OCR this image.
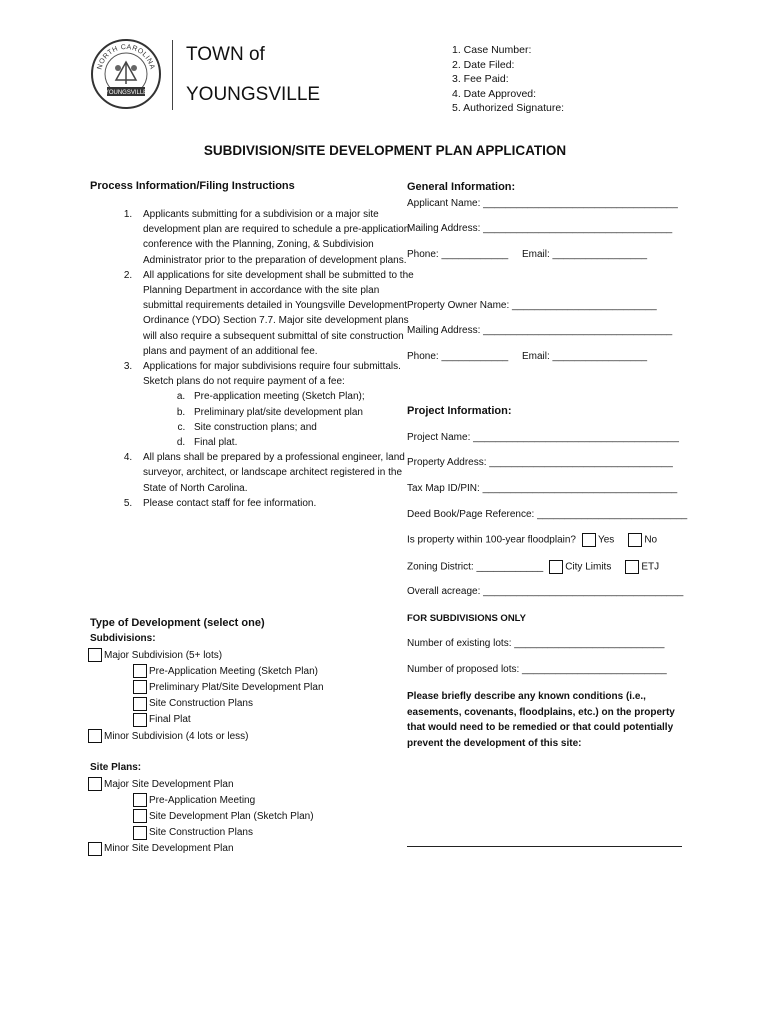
NORTH CAROLINA
YOUNGSVILLE
TOWN of
YOUNGSVILLE
1. Case Number:
2. Date Filed:
3. Fee Paid:
4. Date Approved:
5. Authorized Signature:
SUBDIVISION/SITE DEVELOPMENT PLAN APPLICATION
Process Information/Filing Instructions
1. Applicants submitting for a subdivision or a major site development plan are required to schedule a pre-application conference with the Planning, Zoning, & Subdivision Administrator prior to the preparation of development plans.
2. All applications for site development shall be submitted to the Planning Department in accordance with the site plan submittal requirements detailed in Youngsville Development Ordinance (YDO) Section 7.7. Major site development plans will also require a subsequent submittal of site construction plans and payment of an additional fee.
3. Applications for major subdivisions require four submittals. Sketch plans do not require payment of a fee:
a. Pre-application meeting (Sketch Plan);
b. Preliminary plat/site development plan
c. Site construction plans; and
d. Final plat.
4. All plans shall be prepared by a professional engineer, land surveyor, architect, or landscape architect registered in the State of North Carolina.
5. Please contact staff for fee information.
Type of Development (select one)
Subdivisions:
Major Subdivision (5+ lots)
Pre-Application Meeting (Sketch Plan)
Preliminary Plat/Site Development Plan
Site Construction Plans
Final Plat
Minor Subdivision (4 lots or less)
Site Plans:
Major Site Development Plan
Pre-Application Meeting
Site Development Plan (Sketch Plan)
Site Construction Plans
Minor Site Development Plan
General Information:
Applicant Name: ___________________________________
Mailing Address: __________________________________
Phone: ____________ Email: _________________
Property Owner Name: __________________________
Mailing Address: __________________________________
Phone: ____________ Email: _________________
Project Information:
Project Name: _____________________________________
Property Address: _________________________________
Tax Map ID/PIN: ___________________________________
Deed Book/Page Reference: ___________________________
Is property within 100-year floodplain? Yes	No
Zoning District: ____________ City Limits	ETJ
Overall acreage: ____________________________________
FOR SUBDIVISIONS ONLY
Number of existing lots: ___________________________
Number of proposed lots: __________________________
Please briefly describe any known conditions (i.e., easements, covenants, floodplains, etc.) on the property that would need to be remedied or that could potentially prevent the development of this site:
